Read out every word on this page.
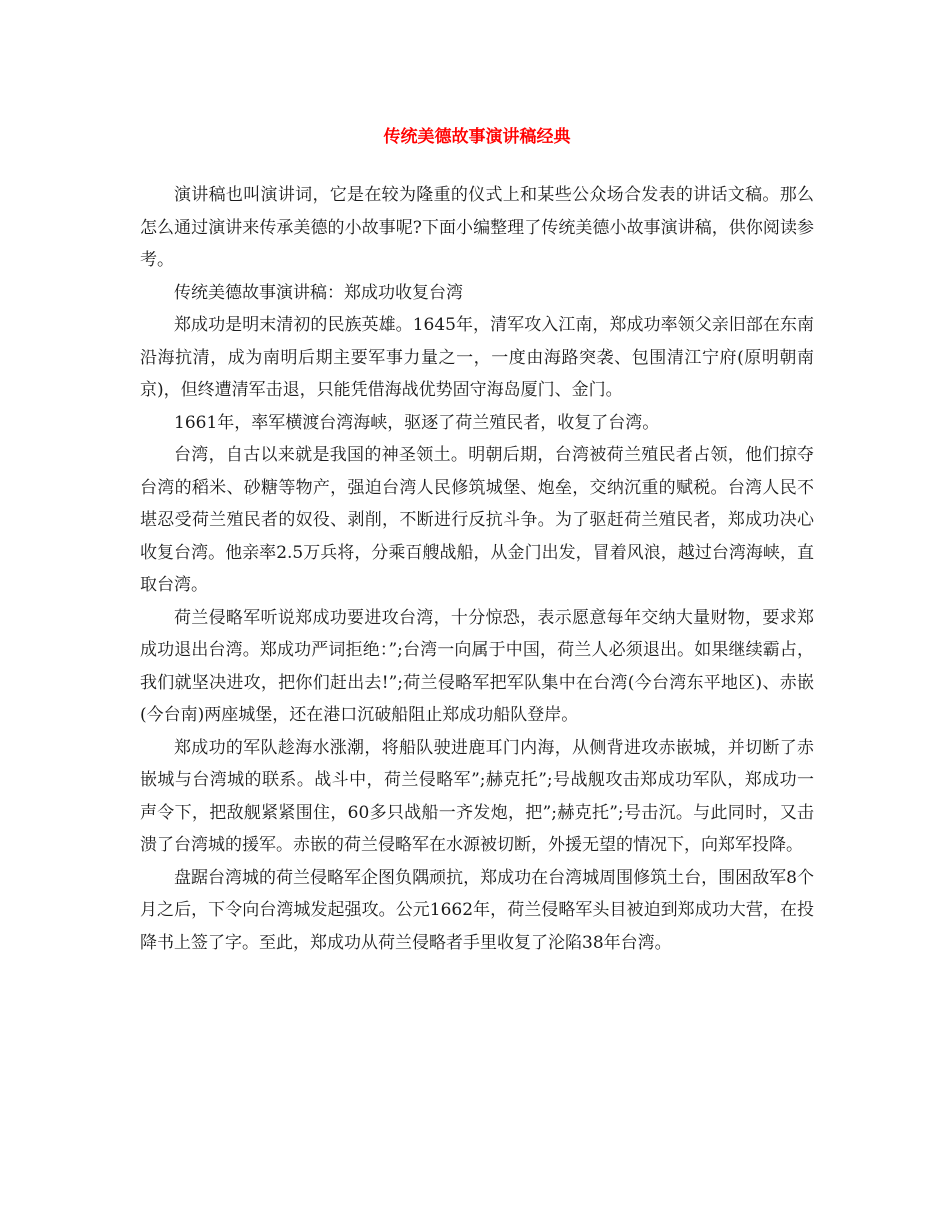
传统美德故事演讲稿经典

演讲稿也叫演讲词，它是在较为隆重的仪式上和某些公众场合发表的讲话文稿。那么怎么通过演讲来传承美德的小故事呢?下面小编整理了传统美德小故事演讲稿，供你阅读参考。

传统美德故事演讲稿：郑成功收复台湾

郑成功是明末清初的民族英雄。1645年，清军攻入江南，郑成功率领父亲旧部在东南沿海抗清，成为南明后期主要军事力量之一，一度由海路突袭、包围清江宁府(原明朝南京)，但终遭清军击退，只能凭借海战优势固守海岛厦门、金门。

1661年，率军横渡台湾海峡，驱逐了荷兰殖民者，收复了台湾。

台湾，自古以来就是我国的神圣领土。明朝后期，台湾被荷兰殖民者占领，他们掠夺台湾的稻米、砂糖等物产，强迫台湾人民修筑城堡、炮垒，交纳沉重的赋税。台湾人民不堪忍受荷兰殖民者的奴役、剥削，不断进行反抗斗争。为了驱赶荷兰殖民者，郑成功决心收复台湾。他亲率2.5万兵将，分乘百艘战船，从金门出发，冒着风浪，越过台湾海峡，直取台湾。

荷兰侵略军听说郑成功要进攻台湾，十分惊恐，表示愿意每年交纳大量财物，要求郑成功退出台湾。郑成功严词拒绝：”;台湾一向属于中国，荷兰人必须退出。如果继续霸占，我们就坚决进攻，把你们赶出去!”;荷兰侵略军把军队集中在台湾(今台湾东平地区)、赤嵌(今台南)两座城堡，还在港口沉破船阻止郑成功船队登岸。

郑成功的军队趁海水涨潮，将船队驶进鹿耳门内海，从侧背进攻赤嵌城，并切断了赤嵌城与台湾城的联系。战斗中，荷兰侵略军”;赫克托”;号战舰攻击郑成功军队，郑成功一声令下，把敌舰紧紧围住，60多只战船一齐发炮，把”;赫克托”;号击沉。与此同时，又击溃了台湾城的援军。赤嵌的荷兰侵略军在水源被切断，外援无望的情况下，向郑军投降。

盘踞台湾城的荷兰侵略军企图负隅顽抗，郑成功在台湾城周围修筑土台，围困敌军8个月之后，下令向台湾城发起强攻。公元1662年，荷兰侵略军头目被迫到郑成功大营，在投降书上签了字。至此，郑成功从荷兰侵略者手里收复了沦陷38年台湾。
